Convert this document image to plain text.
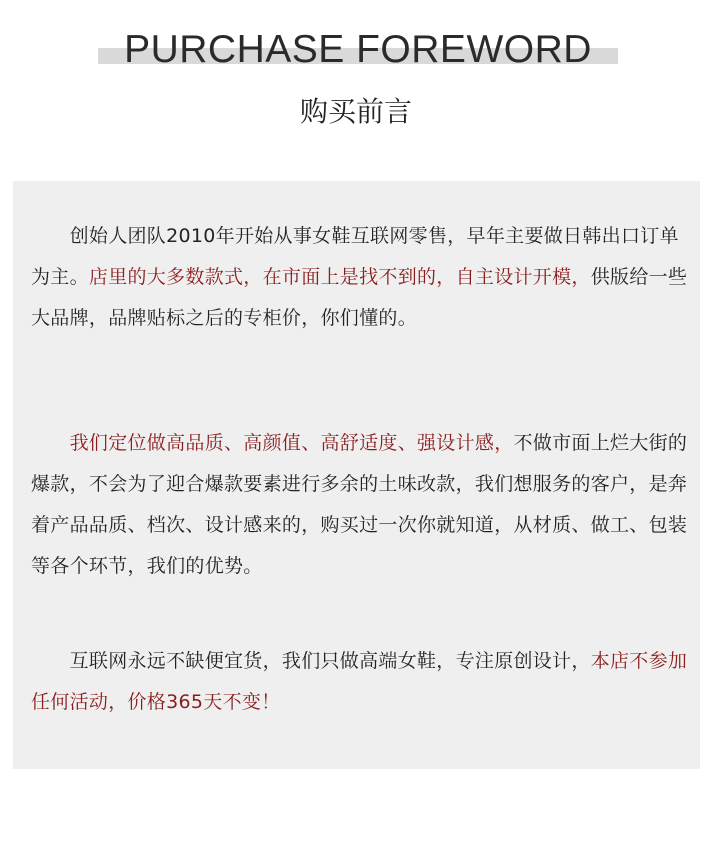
PURCHASE FOREWORD
购买前言

　　创始人团队2010年开始从事女鞋互联网零售，早年主要做日韩出口订单为主。店里的大多数款式，在市面上是找不到的，自主设计开模，供版给一些大品牌，品牌贴标之后的专柜价，你们懂的。

　　我们定位做高品质、高颜值、高舒适度、强设计感，不做市面上烂大街的爆款，不会为了迎合爆款要素进行多余的土味改款，我们想服务的客户，是奔着产品品质、档次、设计感来的，购买过一次你就知道，从材质、做工、包装等各个环节，我们的优势。

　　互联网永远不缺便宜货，我们只做高端女鞋，专注原创设计，本店不参加任何活动，价格365天不变！
